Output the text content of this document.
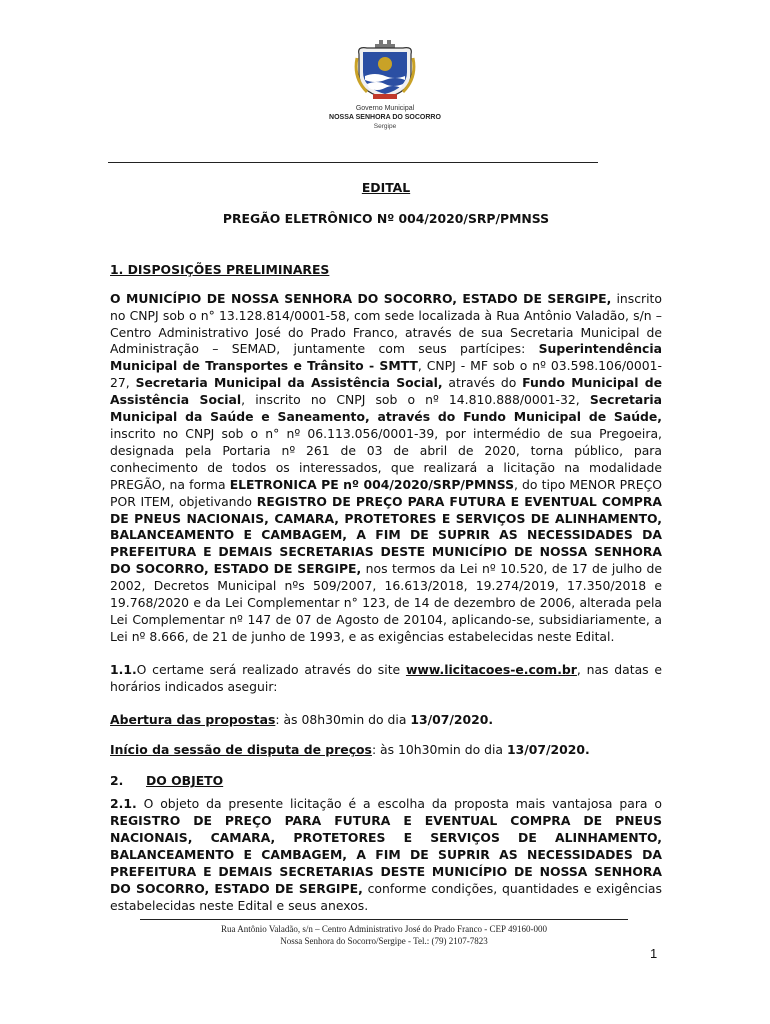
Governo Municipal
NOSSA SENHORA DO SOCORRO
Sergipe
EDITAL
PREGÃO ELETRÔNICO Nº 004/2020/SRP/PMNSS
1. DISPOSIÇÕES PRELIMINARES

O MUNICÍPIO DE NOSSA SENHORA DO SOCORRO, ESTADO DE SERGIPE, inscrito no CNPJ sob o n° 13.128.814/0001-58, com sede localizada à Rua Antônio Valadão, s/n – Centro Administrativo José do Prado Franco, através de sua Secretaria Municipal de Administração – SEMAD, juntamente com seus partícipes: Superintendência Municipal de Transportes e Trânsito - SMTT, CNPJ - MF sob o nº 03.598.106/0001-27, Secretaria Municipal da Assistência Social, através do Fundo Municipal de Assistência Social, inscrito no CNPJ sob o nº 14.810.888/0001-32, Secretaria Municipal da Saúde e Saneamento, através do Fundo Municipal de Saúde, inscrito no CNPJ sob o n° nº 06.113.056/0001-39, por intermédio de sua Pregoeira, designada pela Portaria nº 261 de 03 de abril de 2020, torna público, para conhecimento de todos os interessados, que realizará a licitação na modalidade PREGÃO, na forma ELETRONICA PE nº 004/2020/SRP/PMNSS, do tipo MENOR PREÇO POR ITEM, objetivando REGISTRO DE PREÇO PARA FUTURA E EVENTUAL COMPRA DE PNEUS NACIONAIS, CAMARA, PROTETORES E SERVIÇOS DE ALINHAMENTO, BALANCEAMENTO E CAMBAGEM, A FIM DE SUPRIR AS NECESSIDADES DA PREFEITURA E DEMAIS SECRETARIAS DESTE MUNICÍPIO DE NOSSA SENHORA DO SOCORRO, ESTADO DE SERGIPE, nos termos da Lei nº 10.520, de 17 de julho de 2002, Decretos Municipal nºs 509/2007, 16.613/2018, 19.274/2019, 17.350/2018 e 19.768/2020 e da Lei Complementar n° 123, de 14 de dezembro de 2006, alterada pela Lei Complementar nº 147 de 07 de Agosto de 20104, aplicando-se, subsidiariamente, a Lei nº 8.666, de 21 de junho de 1993, e as exigências estabelecidas neste Edital.

1.1.O certame será realizado através do site www.licitacoes-e.com.br, nas datas e horários indicados aseguir:

Abertura das propostas: às 08h30min do dia 13/07/2020.

Início da sessão de disputa de preços: às 10h30min do dia 13/07/2020.

2. DO OBJETO

2.1. O objeto da presente licitação é a escolha da proposta mais vantajosa para o REGISTRO DE PREÇO PARA FUTURA E EVENTUAL COMPRA DE PNEUS NACIONAIS, CAMARA, PROTETORES E SERVIÇOS DE ALINHAMENTO, BALANCEAMENTO E CAMBAGEM, A FIM DE SUPRIR AS NECESSIDADES DA PREFEITURA E DEMAIS SECRETARIAS DESTE MUNICÍPIO DE NOSSA SENHORA DO SOCORRO, ESTADO DE SERGIPE, conforme condições, quantidades e exigências estabelecidas neste Edital e seus anexos.

Rua Antônio Valadão, s/n – Centro Administrativo José do Prado Franco - CEP 49160-000
Nossa Senhora do Socorro/Sergipe - Tel.: (79) 2107-7823
1
